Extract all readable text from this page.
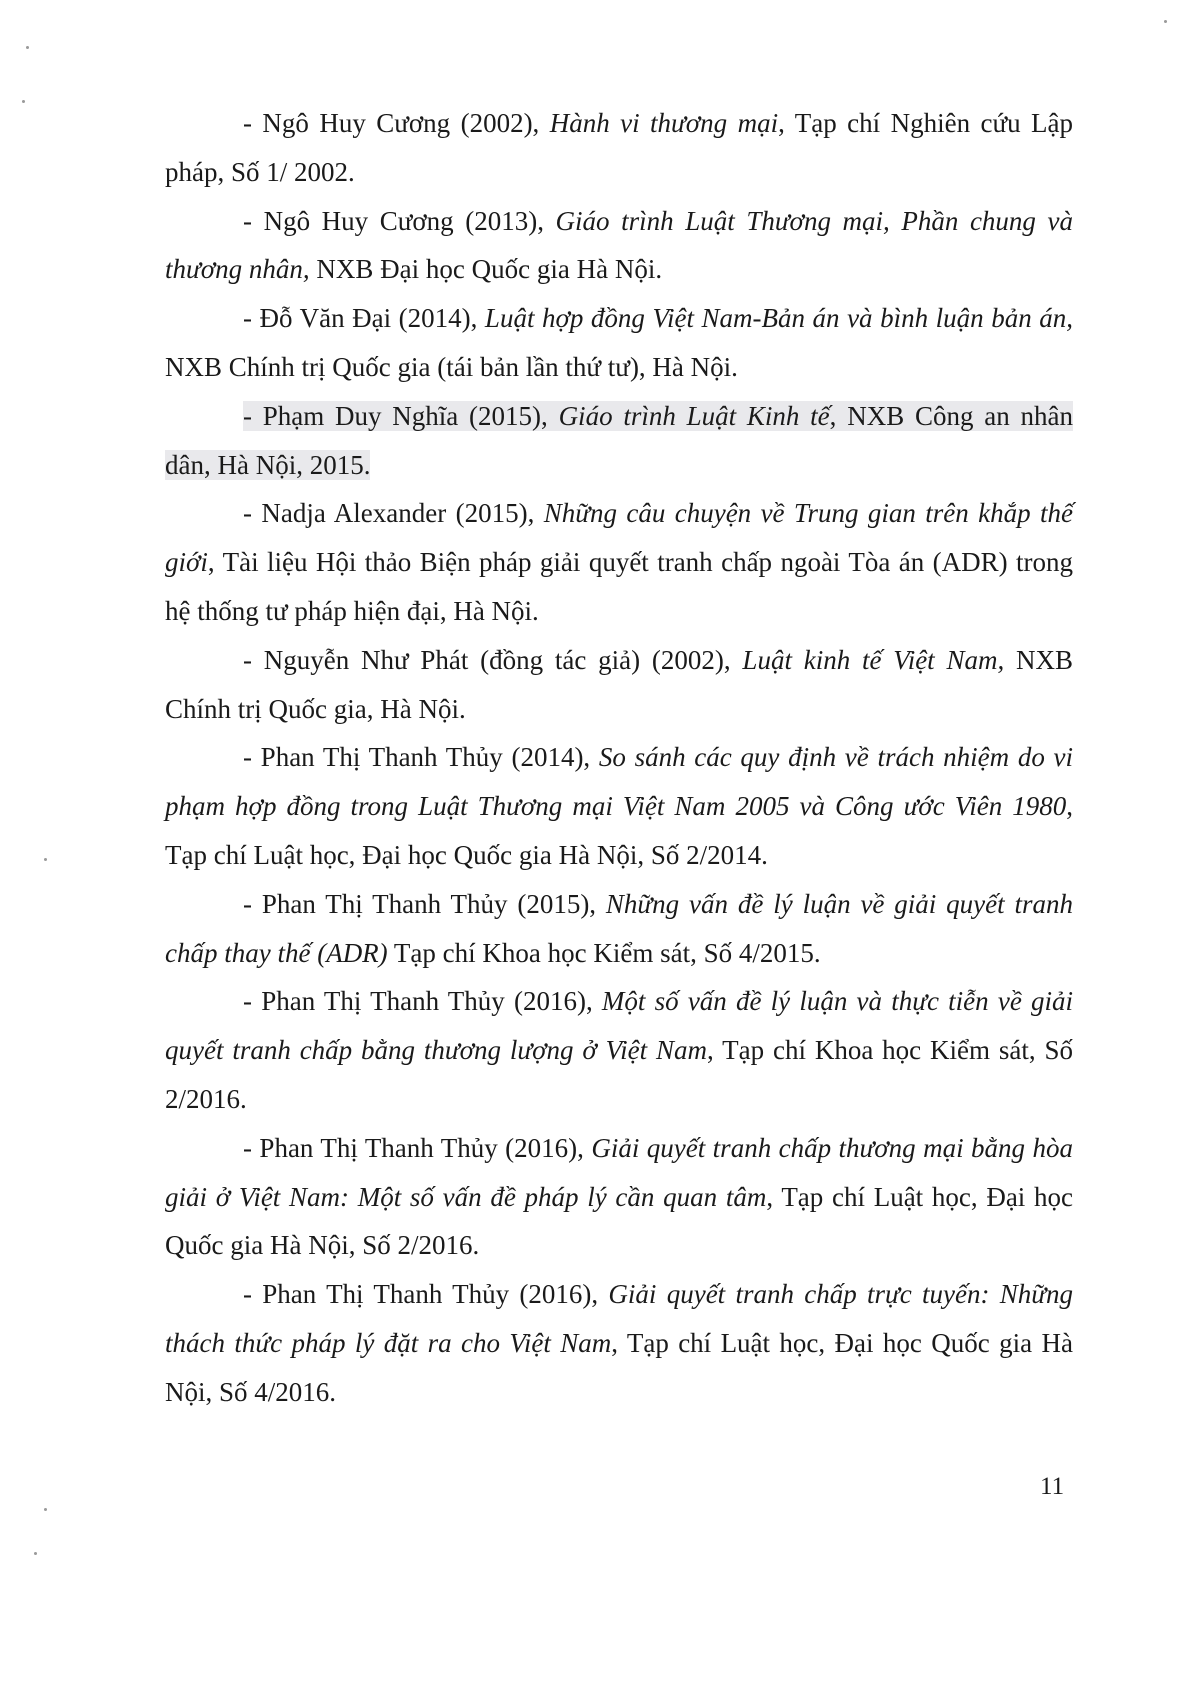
- Ngô Huy Cương (2002), Hành vi thương mại, Tạp chí Nghiên cứu Lập pháp, Số 1/ 2002.

- Ngô Huy Cương (2013), Giáo trình Luật Thương mại, Phần chung và thương nhân, NXB Đại học Quốc gia Hà Nội.

- Đỗ Văn Đại (2014), Luật hợp đồng Việt Nam-Bản án và bình luận bản án, NXB Chính trị Quốc gia (tái bản lần thứ tư), Hà Nội.

- Phạm Duy Nghĩa (2015), Giáo trình Luật Kinh tế, NXB Công an nhân dân, Hà Nội, 2015.

- Nadja Alexander (2015), Những câu chuyện về Trung gian trên khắp thế giới, Tài liệu Hội thảo Biện pháp giải quyết tranh chấp ngoài Tòa án (ADR) trong hệ thống tư pháp hiện đại, Hà Nội.

- Nguyễn Như Phát (đồng tác giả) (2002), Luật kinh tế Việt Nam, NXB Chính trị Quốc gia, Hà Nội.

- Phan Thị Thanh Thủy (2014), So sánh các quy định về trách nhiệm do vi phạm hợp đồng trong Luật Thương mại Việt Nam 2005 và Công ước Viên 1980, Tạp chí Luật học, Đại học Quốc gia Hà Nội, Số 2/2014.

- Phan Thị Thanh Thủy (2015), Những vấn đề lý luận về giải quyết tranh chấp thay thế (ADR) Tạp chí Khoa học Kiểm sát, Số 4/2015.

- Phan Thị Thanh Thủy (2016), Một số vấn đề lý luận và thực tiễn về giải quyết tranh chấp bằng thương lượng ở Việt Nam, Tạp chí Khoa học Kiểm sát, Số 2/2016.

- Phan Thị Thanh Thủy (2016), Giải quyết tranh chấp thương mại bằng hòa giải ở Việt Nam: Một số vấn đề pháp lý cần quan tâm, Tạp chí Luật học, Đại học Quốc gia Hà Nội, Số 2/2016.

- Phan Thị Thanh Thủy (2016), Giải quyết tranh chấp trực tuyến: Những thách thức pháp lý đặt ra cho Việt Nam, Tạp chí Luật học, Đại học Quốc gia Hà Nội, Số 4/2016.

11
